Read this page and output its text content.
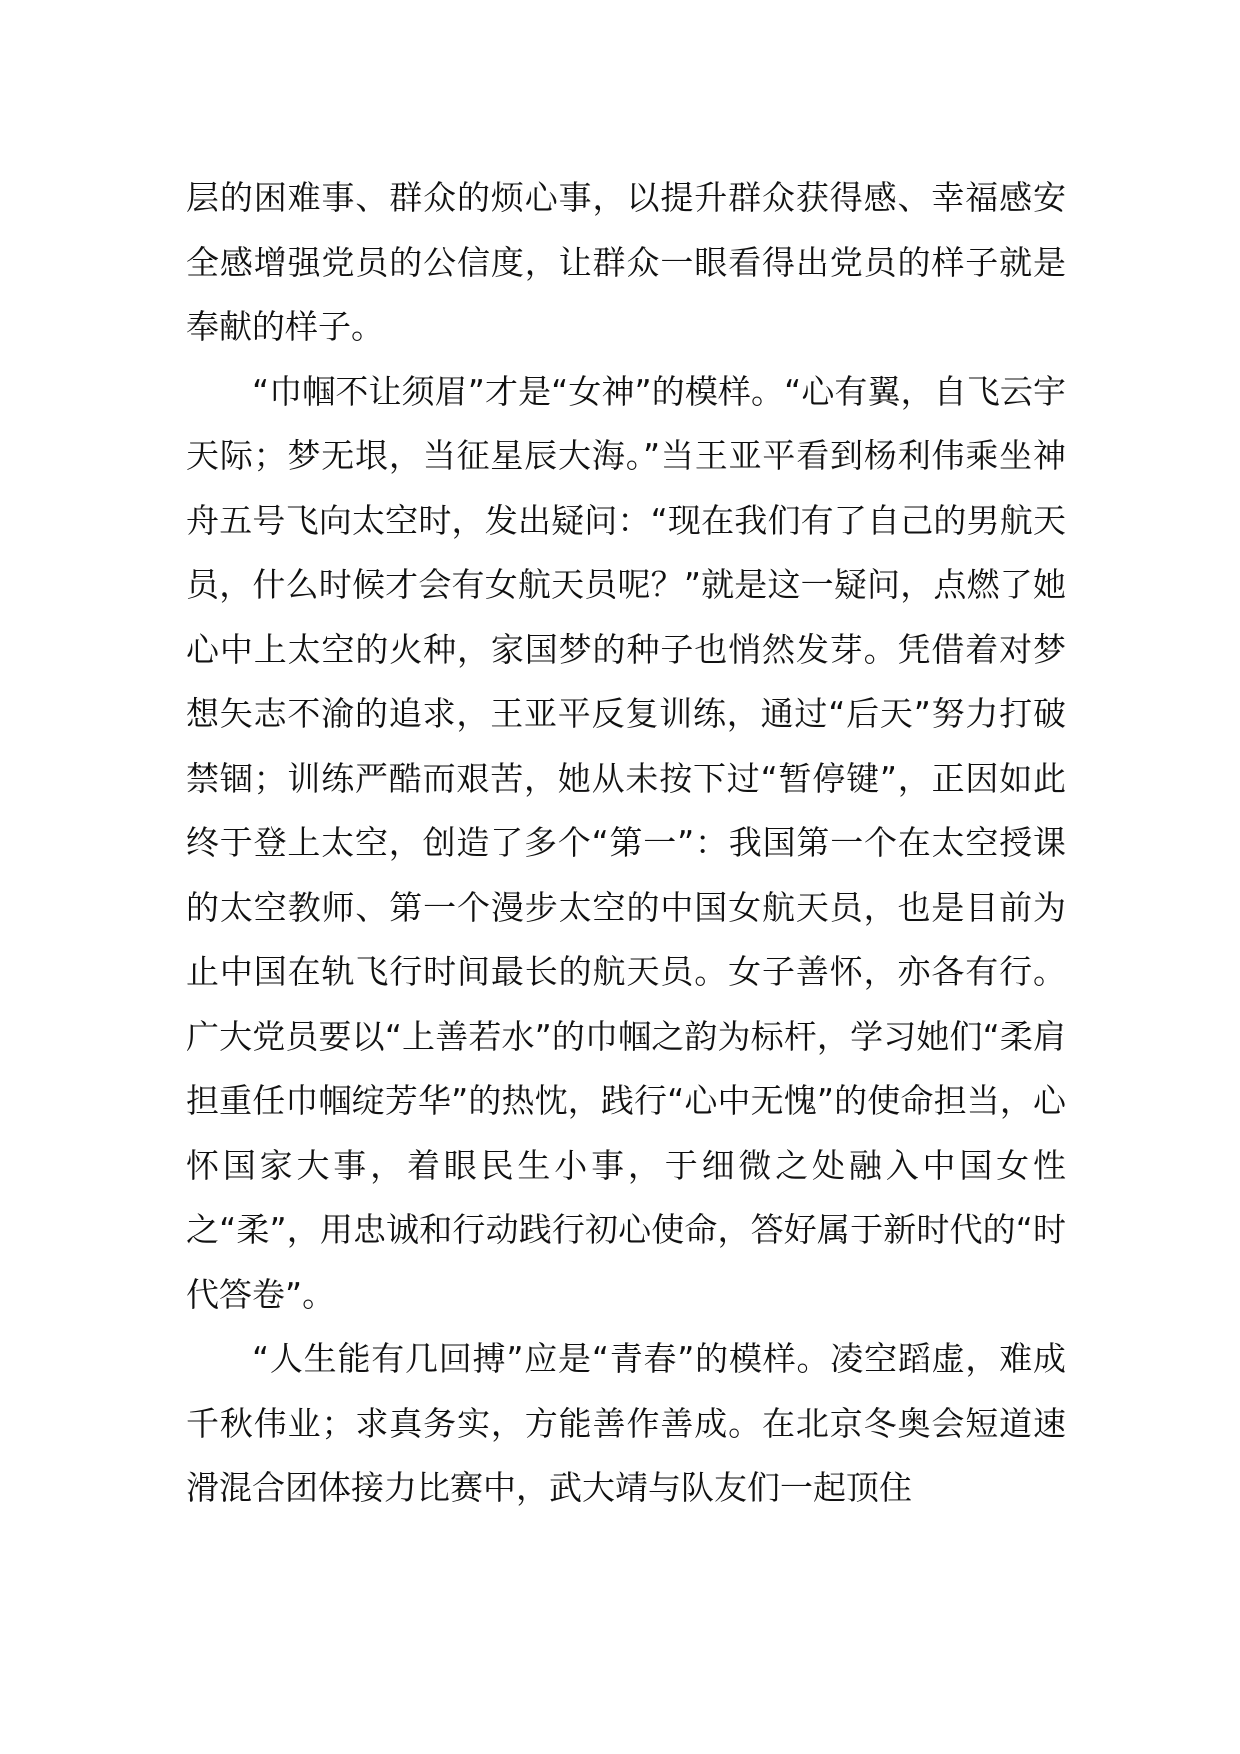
层的困难事、群众的烦心事，以提升群众获得感、幸福感安全感增强党员的公信度，让群众一眼看得出党员的样子就是奉献的样子。

“巾帼不让须眉”才是“女神”的模样。“心有翼，自飞云宇天际；梦无垠，当征星辰大海。”当王亚平看到杨利伟乘坐神舟五号飞向太空时，发出疑问：“现在我们有了自己的男航天员，什么时候才会有女航天员呢？”就是这一疑问，点燃了她心中上太空的火种，家国梦的种子也悄然发芽。凭借着对梦想矢志不渝的追求，王亚平反复训练，通过“后天”努力打破禁锢；训练严酷而艰苦，她从未按下过“暂停键”，正因如此终于登上太空，创造了多个“第一”：我国第一个在太空授课的太空教师、第一个漫步太空的中国女航天员，也是目前为止中国在轨飞行时间最长的航天员。女子善怀，亦各有行。广大党员要以“上善若水”的巾帼之韵为标杆，学习她们“柔肩担重任巾帼绽芳华”的热忱，践行“心中无愧”的使命担当，心怀国家大事，着眼民生小事，于细微之处融入中国女性之“柔”，用忠诚和行动践行初心使命，答好属于新时代的“时代答卷”。

“人生能有几回搏”应是“青春”的模样。凌空蹈虚，难成千秋伟业；求真务实，方能善作善成。在北京冬奥会短道速滑混合团体接力比赛中，武大靖与队友们一起顶住
